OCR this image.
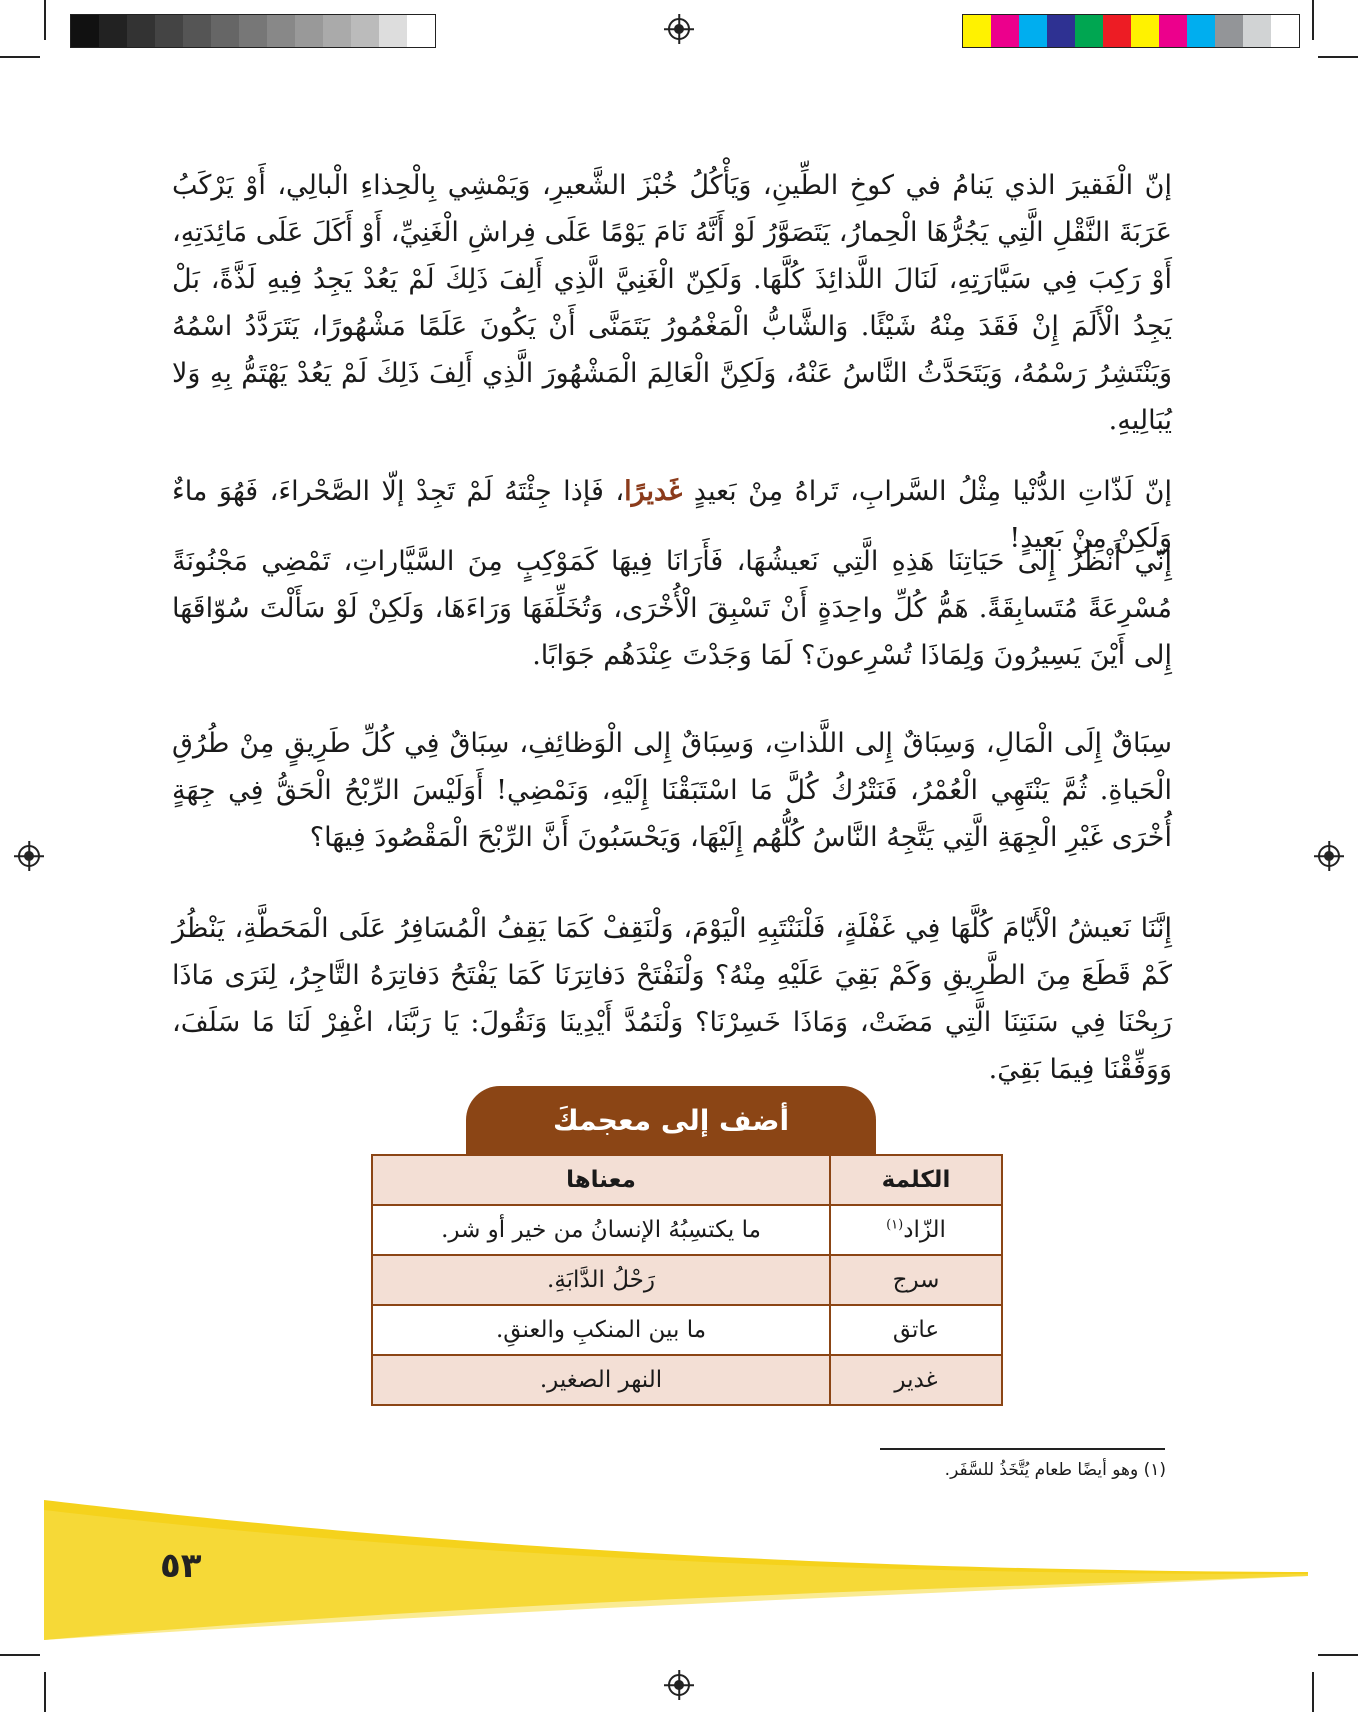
إنّ الْفَقيرَ الذي يَنامُ في كوخِ الطِّينِ، وَيَأْكُلُ خُبْزَ الشَّعيرِ، وَيَمْشِي بِالْحِذاءِ الْبالِي، أَوْ يَرْكَبُ عَرَبَةَ النَّقْلِ الَّتِي يَجُرُّهَا الْحِمارُ، يَتَصَوَّرُ لَوْ أَنَّهُ نَامَ يَوْمًا عَلَى فِراشِ الْغَنِيِّ، أَوْ أَكَلَ عَلَى مَائِدَتِهِ، أَوْ رَكِبَ فِي سَيَّارَتِهِ، لَنَالَ اللَّذائِذَ كُلَّهَا. وَلَكِنّ الْغَنِيَّ الَّذِي أَلِفَ ذَلِكَ لَمْ يَعُدْ يَجِدُ فِيهِ لَذَّةً، بَلْ يَجِدُ الْأَلَمَ إِنْ فَقَدَ مِنْهُ شَيْئًا. وَالشَّابُّ الْمَغْمُورُ يَتَمَنَّى أَنْ يَكُونَ عَلَمًا مَشْهُورًا، يَتَرَدَّدُ اسْمُهُ وَيَنْتَشِرُ رَسْمُهُ، وَيَتَحَدَّثُ النَّاسُ عَنْهُ، وَلَكِنَّ الْعَالِمَ الْمَشْهُورَ الَّذِي أَلِفَ ذَلِكَ لَمْ يَعُدْ يَهْتَمُّ بِهِ وَلا يُبَالِيهِ.

إنّ لَذّاتِ الدُّنْيا مِثْلُ السَّرابِ، تَراهُ مِنْ بَعيدٍ غَديرًا، فَإذا جِئْتَهُ لَمْ تَجِدْ إلّا الصَّحْراءَ، فَهُوَ ماءٌ وَلَكِنْ مِنْ بَعيدٍ!

إِنّي أَنْظُرُ إِلى حَيَاتِنَا هَذِهِ الَّتِي نَعيشُهَا، فَأَرَانَا فِيهَا كَمَوْكِبٍ مِنَ السَّيَّاراتِ، تَمْضِي مَجْنُونَةً مُسْرِعَةً مُتَسابِقَةً. هَمُّ كُلِّ واحِدَةٍ أَنْ تَسْبِقَ الْأُخْرَى، وَتُخَلِّفَهَا وَرَاءَهَا، وَلَكِنْ لَوْ سَأَلْتَ سُوّاقَهَا إِلى أَيْنَ يَسِيرُونَ وَلِمَاذَا تُسْرِعونَ؟ لَمَا وَجَدْتَ عِنْدَهُم جَوَابًا.

سِبَاقٌ إِلَى الْمَالِ، وَسِبَاقٌ إِلى اللَّذاتِ، وَسِبَاقٌ إِلى الْوَظائِفِ، سِبَاقٌ فِي كُلِّ طَرِيقٍ مِنْ طُرُقِ الْحَياةِ. ثُمَّ يَنْتَهِي الْعُمْرُ، فَنَتْرُكُ كُلَّ مَا اسْتَبَقْنَا إِلَيْهِ، وَنَمْضِي! أَوَلَيْسَ الرِّبْحُ الْحَقُّ فِي جِهَةٍ أُخْرَى غَيْرِ الْجِهَةِ الَّتِي يَتَّجِهُ النَّاسُ كُلُّهُم إِلَيْهَا، وَيَحْسَبُونَ أَنَّ الرِّبْحَ الْمَقْصُودَ فِيهَا؟

إِنَّنَا نَعيشُ الْأَيّامَ كُلَّهَا فِي غَفْلَةٍ، فَلْنَنْتَبِهِ الْيَوْمَ، وَلْنَقِفْ كَمَا يَقِفُ الْمُسَافِرُ عَلَى الْمَحَطَّةِ، يَنْظُرُ كَمْ قَطَعَ مِنَ الطَّرِيقِ وَكَمْ بَقِيَ عَلَيْهِ مِنْهُ؟ وَلْنَفْتَحْ دَفاتِرَنَا كَمَا يَفْتَحُ دَفاتِرَهُ التَّاجِرُ، لِنَرَى مَاذَا رَبِحْنَا فِي سَنَتِنَا الَّتِي مَضَتْ، وَمَاذَا خَسِرْنَا؟ وَلْنَمُدَّ أَيْدِينَا وَنَقُولَ: يَا رَبَّنَا، اغْفِرْ لَنَا مَا سَلَفَ، وَوَفِّقْنَا فِيمَا بَقِيَ.

أضف إلى معجمكَ
الكلمة	معناها
الزّاد$^{(١)}$	ما يكتسِبُهُ الإنسانُ من خير أو شر.
سرج	رَحْلُ الدَّابَةِ.
عاتق	ما بين المنكبِ والعنقِ.
غدير	النهر الصغير.
(١) وهو أيضًا طعام يُتَّخَذُ للسَّفَر.
٥٣
